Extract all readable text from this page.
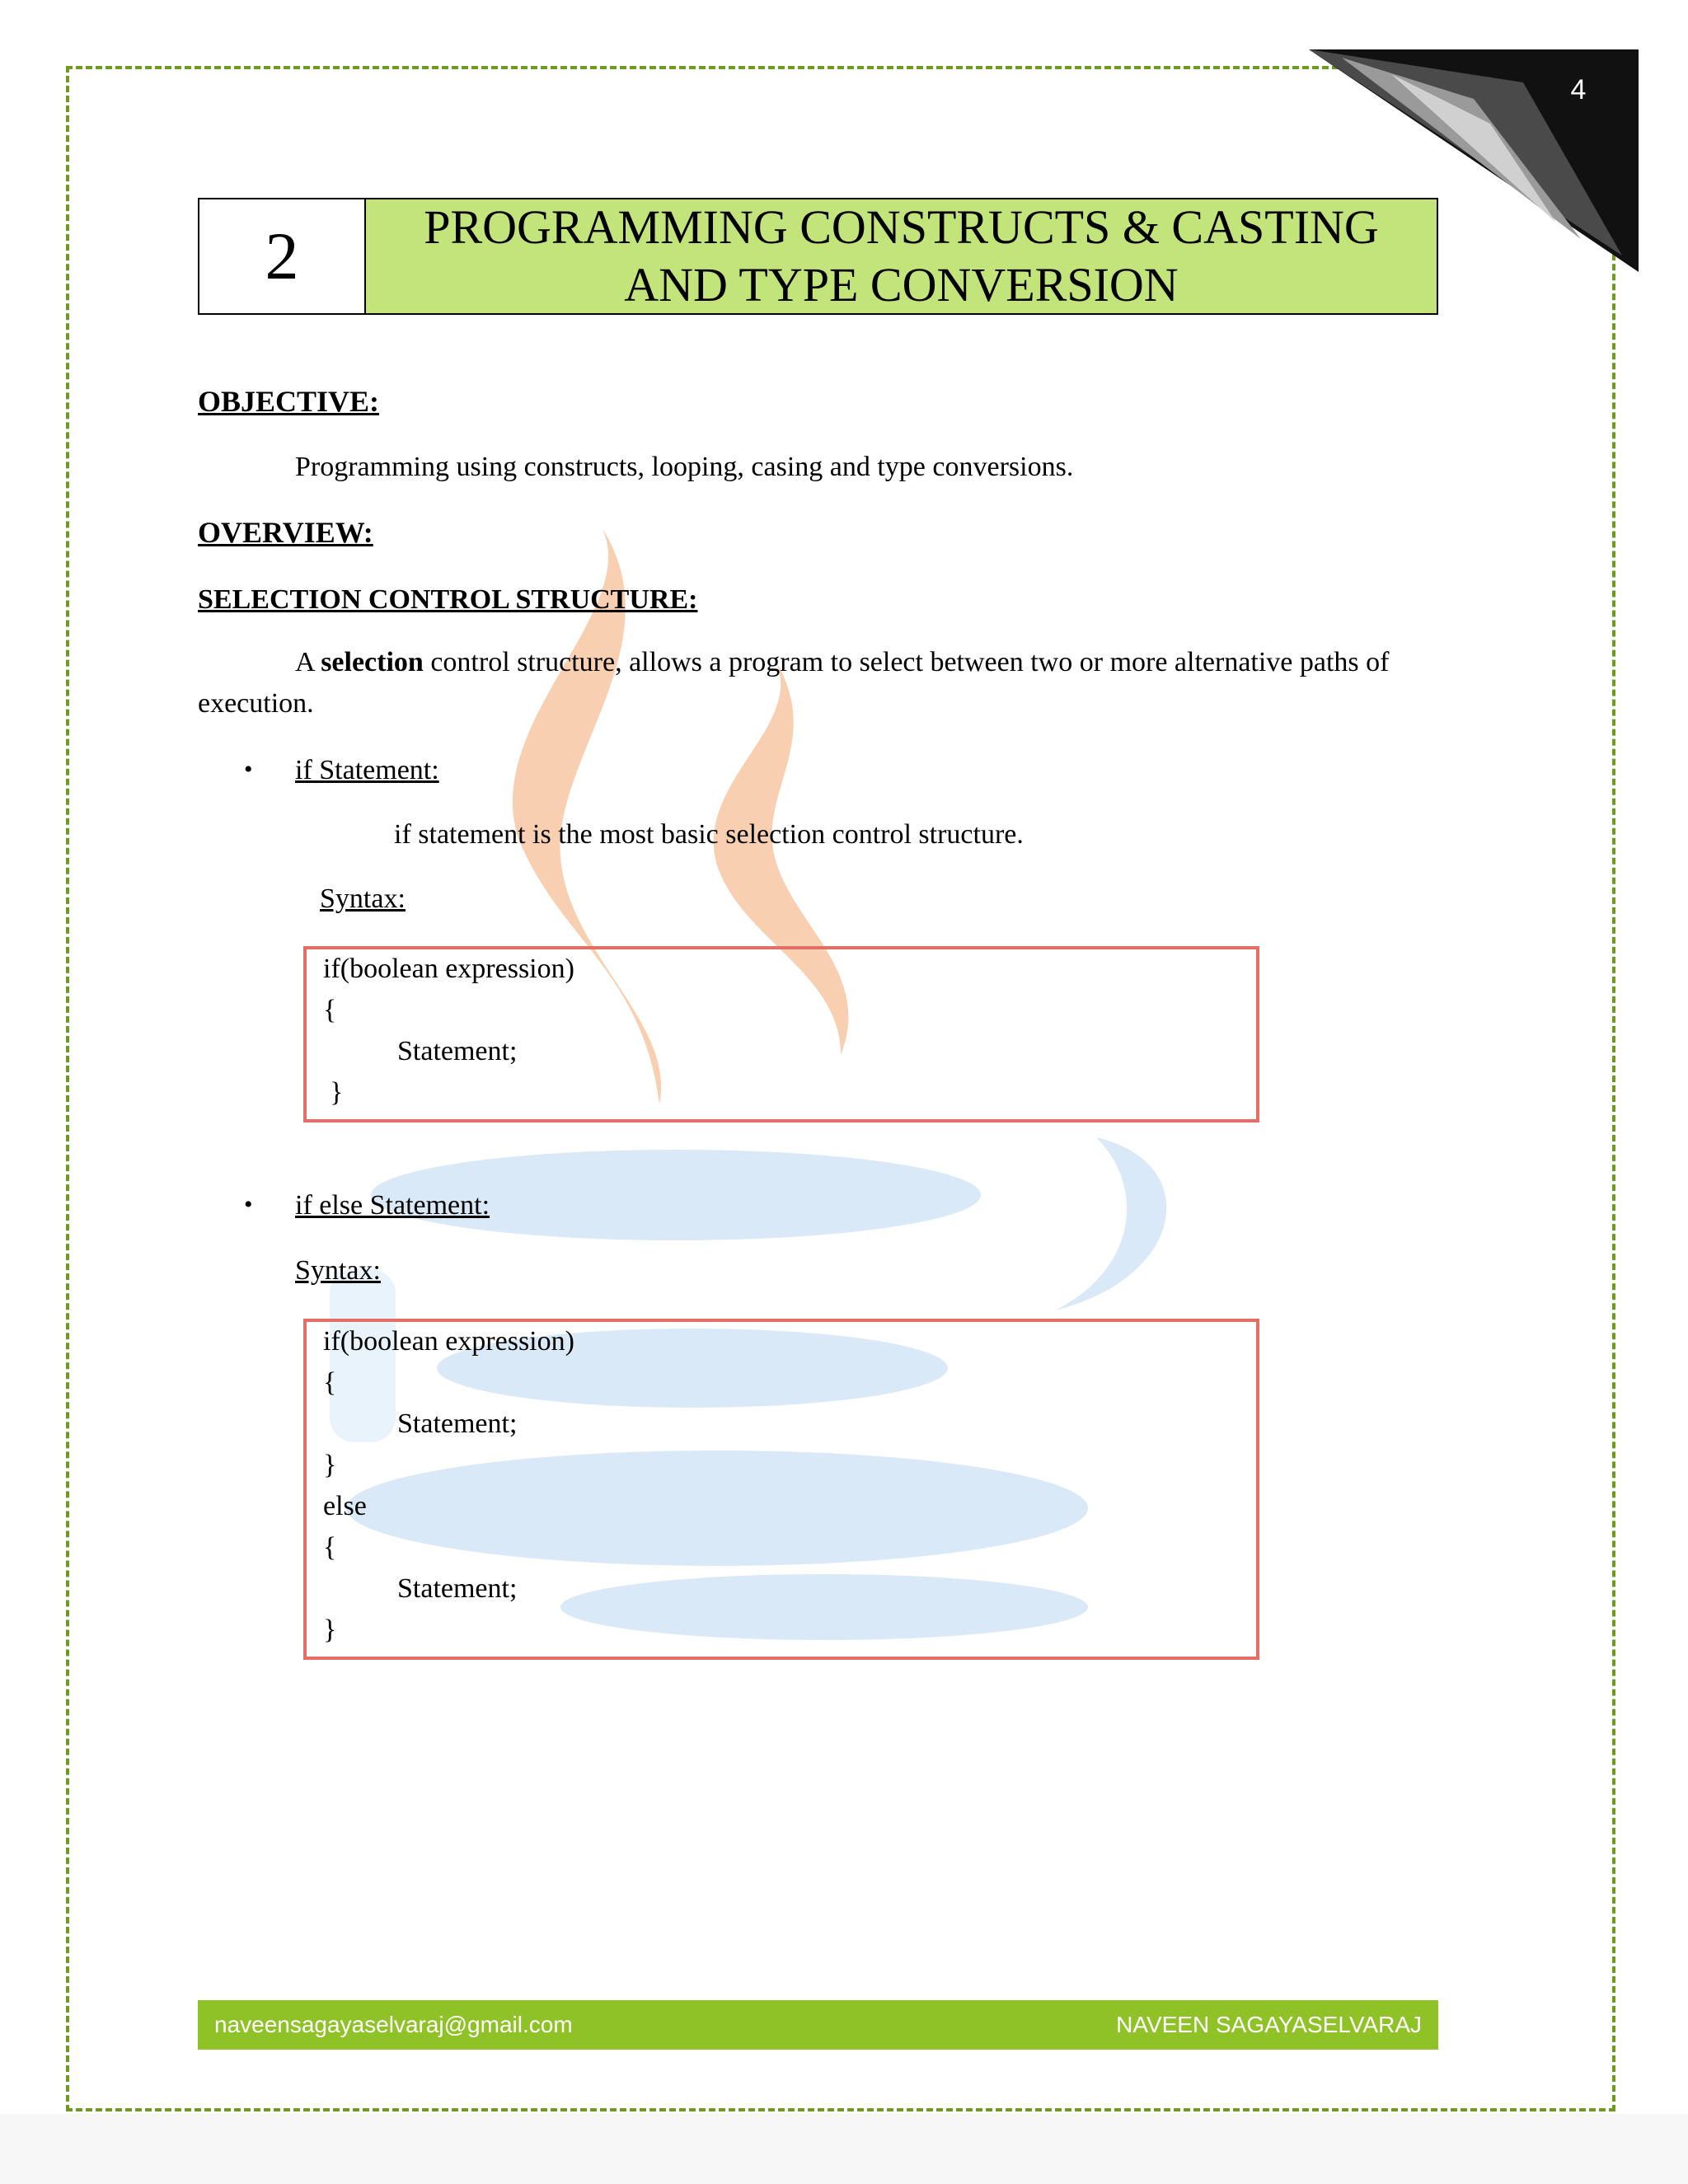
4
2	PROGRAMMING CONSTRUCTS & CASTING
AND TYPE CONVERSION
OBJECTIVE:
Programming using constructs, looping, casing and type conversions.
OVERVIEW:
SELECTION CONTROL STRUCTURE:
A selection control structure, allows a program to select between two or more alternative paths of
execution.
• if Statement:
if statement is the most basic selection control structure.
Syntax:
if(boolean expression)
{
Statement;
}
• if else Statement:
Syntax:
if(boolean expression)
{
Statement;
}
else
{
Statement;
}
naveensagayaselvaraj@gmail.com	NAVEEN SAGAYASELVARAJ
